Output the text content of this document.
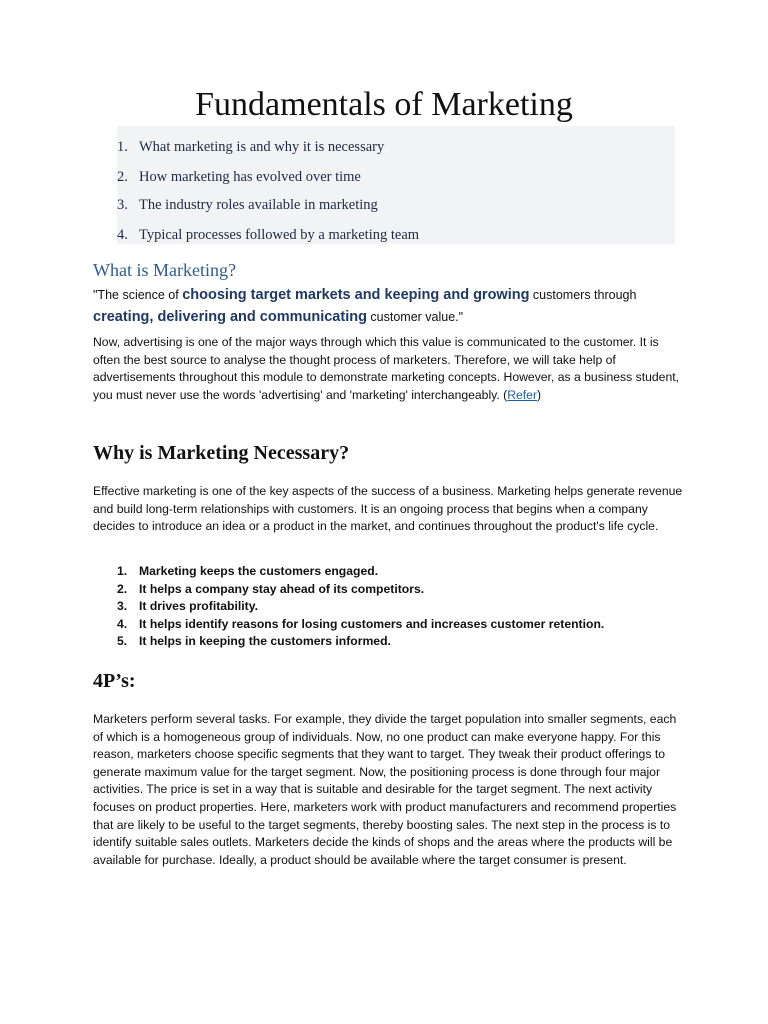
Fundamentals of Marketing
1. What marketing is and why it is necessary
2. How marketing has evolved over time
3. The industry roles available in marketing
4. Typical processes followed by a marketing team
What is Marketing?
"The science of choosing target markets and keeping and growing customers through creating, delivering and communicating customer value."

Now, advertising is one of the major ways through which this value is communicated to the customer. It is often the best source to analyse the thought process of marketers. Therefore, we will take help of advertisements throughout this module to demonstrate marketing concepts. However, as a business student, you must never use the words 'advertising' and 'marketing' interchangeably. (Refer)

Why is Marketing Necessary?

Effective marketing is one of the key aspects of the success of a business. Marketing helps generate revenue and build long-term relationships with customers. It is an ongoing process that begins when a company decides to introduce an idea or a product in the market, and continues throughout the product's life cycle.

1. Marketing keeps the customers engaged.
2. It helps a company stay ahead of its competitors.
3. It drives profitability.
4. It helps identify reasons for losing customers and increases customer retention.
5. It helps in keeping the customers informed.
4P’s:

Marketers perform several tasks. For example, they divide the target population into smaller segments, each of which is a homogeneous group of individuals. Now, no one product can make everyone happy. For this reason, marketers choose specific segments that they want to target. They tweak their product offerings to generate maximum value for the target segment. Now, the positioning process is done through four major activities. The price is set in a way that is suitable and desirable for the target segment. The next activity focuses on product properties. Here, marketers work with product manufacturers and recommend properties that are likely to be useful to the target segments, thereby boosting sales. The next step in the process is to identify suitable sales outlets. Marketers decide the kinds of shops and the areas where the products will be available for purchase. Ideally, a product should be available where the target consumer is present.
